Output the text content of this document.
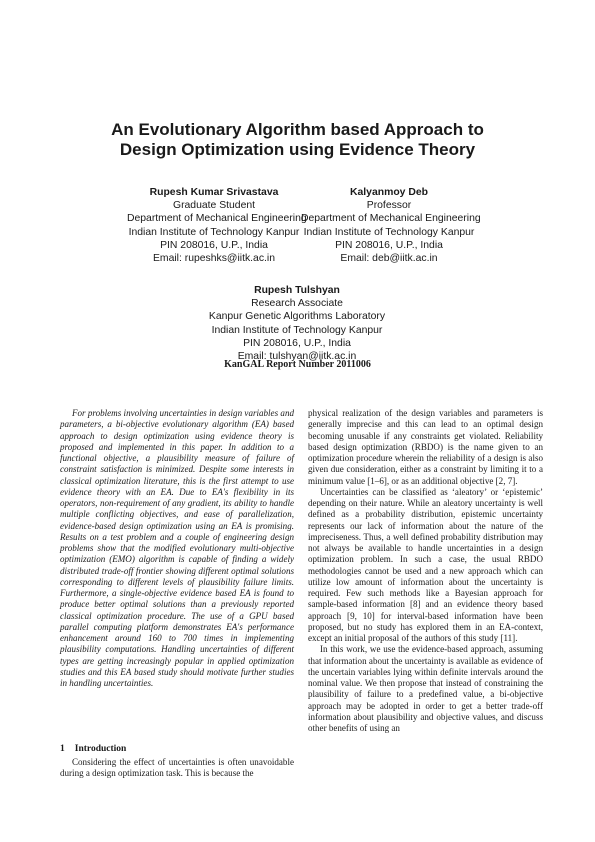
An Evolutionary Algorithm based Approach to
Design Optimization using Evidence Theory
Rupesh Kumar Srivastava
Graduate Student
Department of Mechanical Engineering
Indian Institute of Technology Kanpur
PIN 208016, U.P., India
Email: rupeshks@iitk.ac.in
Kalyanmoy Deb
Professor
Department of Mechanical Engineering
Indian Institute of Technology Kanpur
PIN 208016, U.P., India
Email: deb@iitk.ac.in
Rupesh Tulshyan
Research Associate
Kanpur Genetic Algorithms Laboratory
Indian Institute of Technology Kanpur
PIN 208016, U.P., India
Email: tulshyan@iitk.ac.in
KanGAL Report Number 2011006

For problems involving uncertainties in design variables and parameters, a bi-objective evolutionary algorithm (EA) based approach to design optimization using evidence theory is proposed and implemented in this paper. In addition to a functional objective, a plausibility measure of failure of constraint satisfaction is minimized. Despite some interests in classical optimization literature, this is the first attempt to use evidence theory with an EA. Due to EA's flexibility in its operators, non-requirement of any gradient, its ability to handle multiple conflicting objectives, and ease of parallelization, evidence-based design optimization using an EA is promising. Results on a test problem and a couple of engineering design problems show that the modified evolutionary multi-objective optimization (EMO) algorithm is capable of finding a widely distributed trade-off frontier showing different optimal solutions corresponding to different levels of plausibility failure limits. Furthermore, a single-objective evidence based EA is found to produce better optimal solutions than a previously reported classical optimization procedure. The use of a GPU based parallel computing platform demonstrates EA's performance enhancement around 160 to 700 times in implementing plausibility computations. Handling uncertainties of different types are getting increasingly popular in applied optimization studies and this EA based study should motivate further studies in handling uncertainties.

1 Introduction

Considering the effect of uncertainties is often unavoidable during a design optimization task. This is because the

physical realization of the design variables and parameters is generally imprecise and this can lead to an optimal design becoming unusable if any constraints get violated. Reliability based design optimization (RBDO) is the name given to an optimization procedure wherein the reliability of a design is also given due consideration, either as a constraint by limiting it to a minimum value [1–6], or as an additional objective [2, 7].

Uncertainties can be classified as ‘aleatory’ or ‘epistemic’ depending on their nature. While an aleatory uncertainty is well defined as a probability distribution, epistemic uncertainty represents our lack of information about the nature of the impreciseness. Thus, a well defined probability distribution may not always be available to handle uncertainties in a design optimization problem. In such a case, the usual RBDO methodologies cannot be used and a new approach which can utilize low amount of information about the uncertainty is required. Few such methods like a Bayesian approach for sample-based information [8] and an evidence theory based approach [9, 10] for interval-based information have been proposed, but no study has explored them in an EA-context, except an initial proposal of the authors of this study [11].

In this work, we use the evidence-based approach, assuming that information about the uncertainty is available as evidence of the uncertain variables lying within definite intervals around the nominal value. We then propose that instead of constraining the plausibility of failure to a predefined value, a bi-objective approach may be adopted in order to get a better trade-off information about plausibility and objective values, and discuss other benefits of using an
